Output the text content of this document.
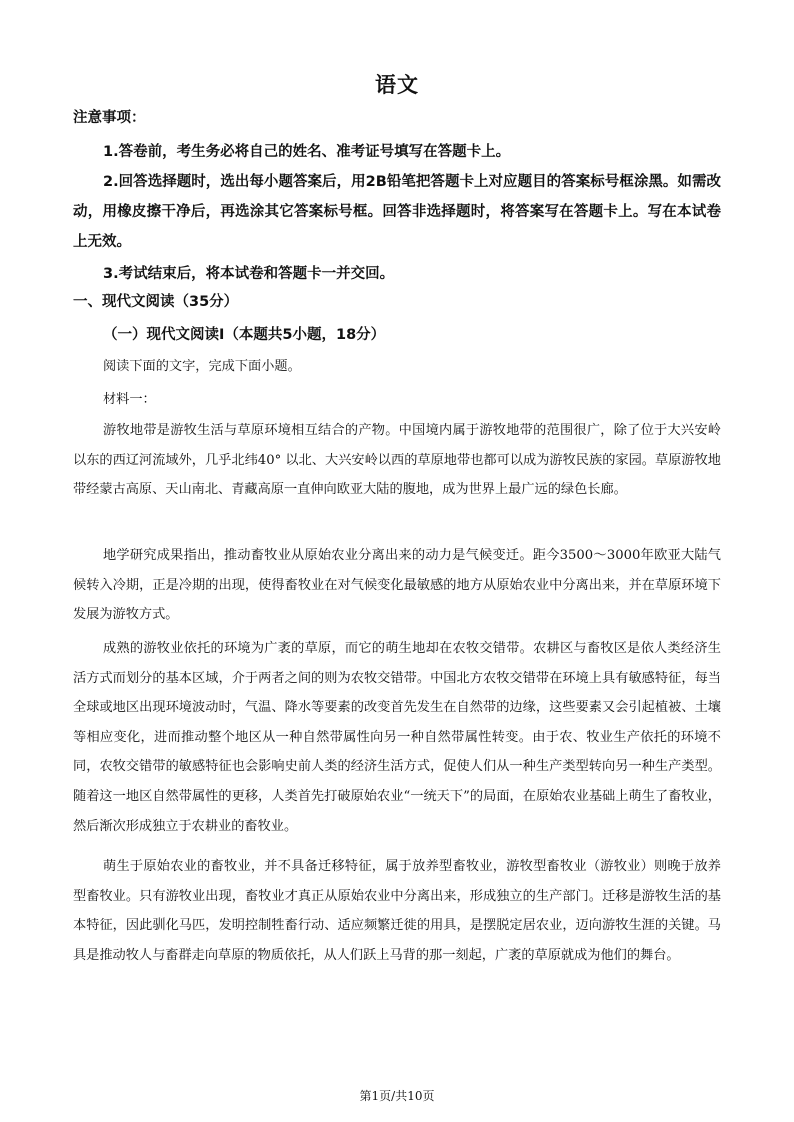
语文
注意事项：
1.答卷前，考生务必将自己的姓名、准考证号填写在答题卡上。
2.回答选择题时，选出每小题答案后，用2B铅笔把答题卡上对应题目的答案标号框涂黑。如需改动，用橡皮擦干净后，再选涂其它答案标号框。回答非选择题时，将答案写在答题卡上。写在本试卷上无效。
3.考试结束后，将本试卷和答题卡一并交回。
一、现代文阅读（35分）
（一）现代文阅读Ⅰ（本题共5小题，18分）
阅读下面的文字，完成下面小题。
材料一：
游牧地带是游牧生活与草原环境相互结合的产物。中国境内属于游牧地带的范围很广，除了位于大兴安岭以东的西辽河流域外，几乎北纬40° 以北、大兴安岭以西的草原地带也都可以成为游牧民族的家园。草原游牧地带经蒙古高原、天山南北、青藏高原一直伸向欧亚大陆的腹地，成为世界上最广远的绿色长廊。
地学研究成果指出，推动畜牧业从原始农业分离出来的动力是气候变迁。距今3500～3000年欧亚大陆气候转入冷期，正是冷期的出现，使得畜牧业在对气候变化最敏感的地方从原始农业中分离出来，并在草原环境下发展为游牧方式。
成熟的游牧业依托的环境为广袤的草原，而它的萌生地却在农牧交错带。农耕区与畜牧区是依人类经济生活方式而划分的基本区域，介于两者之间的则为农牧交错带。中国北方农牧交错带在环境上具有敏感特征，每当全球或地区出现环境波动时，气温、降水等要素的改变首先发生在自然带的边缘，这些要素又会引起植被、土壤等相应变化，进而推动整个地区从一种自然带属性向另一种自然带属性转变。由于农、牧业生产依托的环境不同，农牧交错带的敏感特征也会影响史前人类的经济生活方式，促使人们从一种生产类型转向另一种生产类型。随着这一地区自然带属性的更移，人类首先打破原始农业“一统天下”的局面，在原始农业基础上萌生了畜牧业，然后渐次形成独立于农耕业的畜牧业。
萌生于原始农业的畜牧业，并不具备迁移特征，属于放养型畜牧业，游牧型畜牧业（游牧业）则晚于放养型畜牧业。只有游牧业出现，畜牧业才真正从原始农业中分离出来，形成独立的生产部门。迁移是游牧生活的基本特征，因此驯化马匹，发明控制牲畜行动、适应频繁迁徙的用具，是摆脱定居农业，迈向游牧生涯的关键。马具是推动牧人与畜群走向草原的物质依托，从人们跃上马背的那一刻起，广袤的草原就成为他们的舞台。
第1页/共10页
